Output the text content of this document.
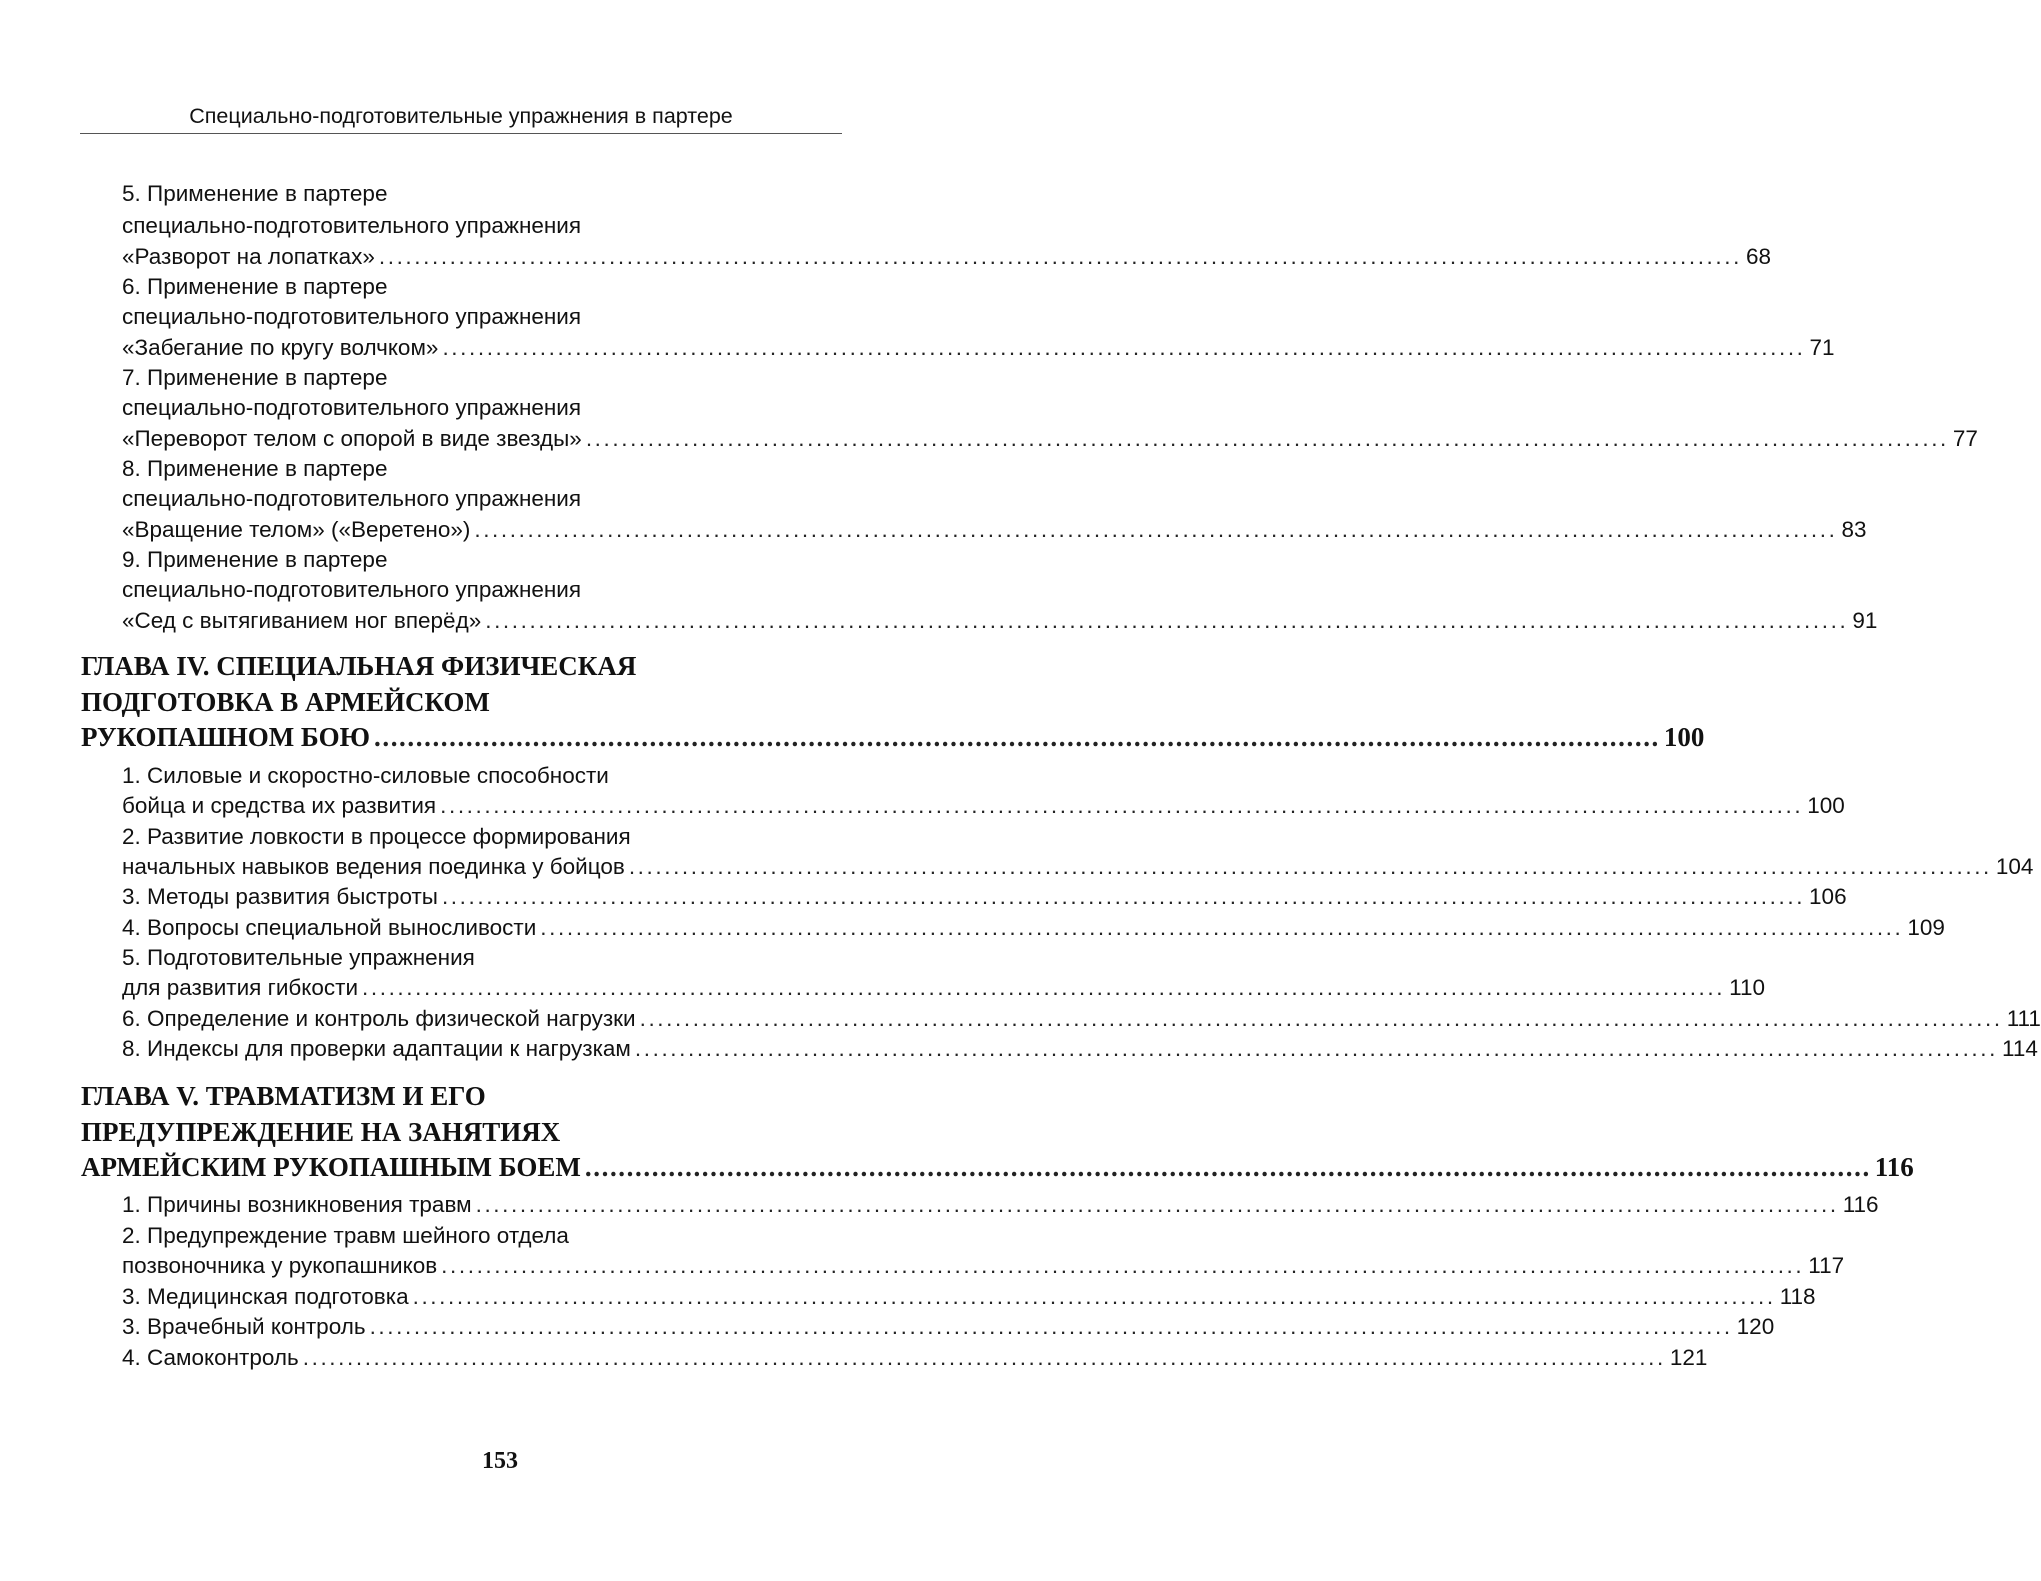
Специально-подготовительные упражнения в партере
5. Применение в партере
специально-подготовительного упражнения
«Разворот на лопатках» .......................................................................................................................................................... 68
6. Применение в партере
специально-подготовительного упражнения
«Забегание по кругу волчком» .......................................................................................................................................................... 71
7. Применение в партере
специально-подготовительного упражнения
«Переворот телом с опорой в виде звезды» .......................................................................................................................................................... 77
8. Применение в партере
специально-подготовительного упражнения
«Вращение телом» («Веретено») .......................................................................................................................................................... 83
9. Применение в партере
специально-подготовительного упражнения
«Сед с вытягиванием ног вперёд» .......................................................................................................................................................... 91
ГЛАВА IV. СПЕЦИАЛЬНАЯ ФИЗИЧЕСКАЯ
ПОДГОТОВКА В АРМЕЙСКОМ
РУКОПАШНОМ БОЮ .......................................................................................................................................................... 100
1. Силовые и скоростно-силовые способности
бойца и средства их развития .......................................................................................................................................................... 100
2. Развитие ловкости в процессе формирования
начальных навыков ведения поединка у бойцов .......................................................................................................................................................... 104
3. Методы развития быстроты .......................................................................................................................................................... 106
4. Вопросы специальной выносливости .......................................................................................................................................................... 109
5. Подготовительные упражнения
для развития гибкости .......................................................................................................................................................... 110
6. Определение и контроль физической нагрузки .......................................................................................................................................................... 111
8. Индексы для проверки адаптации к нагрузкам .......................................................................................................................................................... 114
ГЛАВА V. ТРАВМАТИЗМ И ЕГО
ПРЕДУПРЕЖДЕНИЕ НА ЗАНЯТИЯХ
АРМЕЙСКИМ РУКОПАШНЫМ БОЕМ .......................................................................................................................................................... 116
1. Причины возникновения травм .......................................................................................................................................................... 116
2. Предупреждение травм шейного отдела
позвоночника у рукопашников .......................................................................................................................................................... 117
3. Медицинская подготовка .......................................................................................................................................................... 118
3. Врачебный контроль .......................................................................................................................................................... 120
4. Самоконтроль .......................................................................................................................................................... 121
153
